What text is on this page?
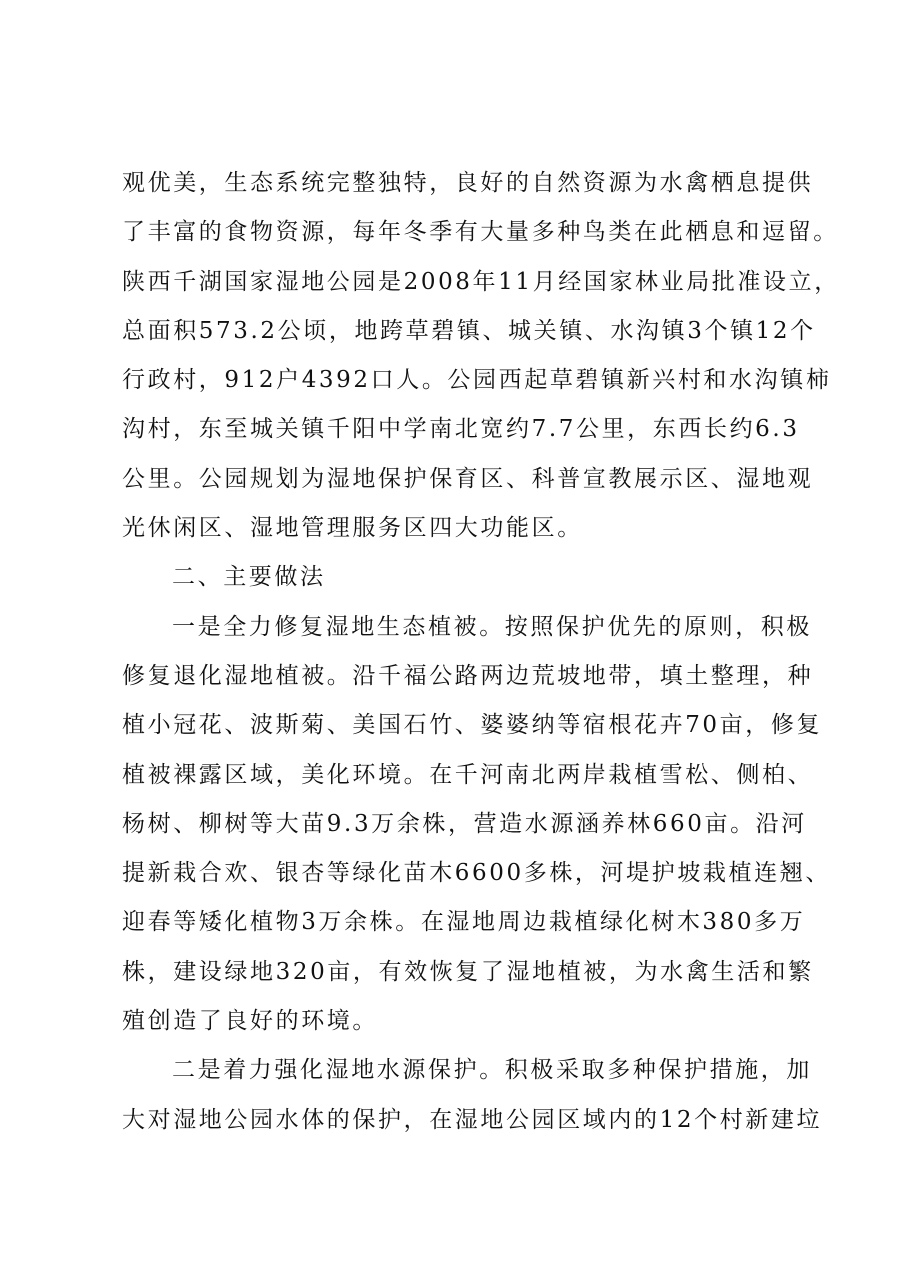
观优美，生态系统完整独特，良好的自然资源为水禽栖息提供
了丰富的食物资源，每年冬季有大量多种鸟类在此栖息和逗留。
陕西千湖国家湿地公园是2008年11月经国家林业局批准设立，
总面积573.2公顷，地跨草碧镇、城关镇、水沟镇3个镇12个
行政村，912户4392口人。公园西起草碧镇新兴村和水沟镇柿
沟村，东至城关镇千阳中学南北宽约7.7公里，东西长约6.3
公里。公园规划为湿地保护保育区、科普宣教展示区、湿地观
光休闲区、湿地管理服务区四大功能区。
二、主要做法
一是全力修复湿地生态植被。按照保护优先的原则，积极
修复退化湿地植被。沿千福公路两边荒坡地带，填土整理，种
植小冠花、波斯菊、美国石竹、婆婆纳等宿根花卉70亩，修复
植被裸露区域，美化环境。在千河南北两岸栽植雪松、侧柏、
杨树、柳树等大苗9.3万余株，营造水源涵养林660亩。沿河
提新栽合欢、银杏等绿化苗木6600多株，河堤护坡栽植连翘、
迎春等矮化植物3万余株。在湿地周边栽植绿化树木380多万
株，建设绿地320亩，有效恢复了湿地植被，为水禽生活和繁
殖创造了良好的环境。
二是着力强化湿地水源保护。积极采取多种保护措施，加
大对湿地公园水体的保护，在湿地公园区域内的12个村新建垃
